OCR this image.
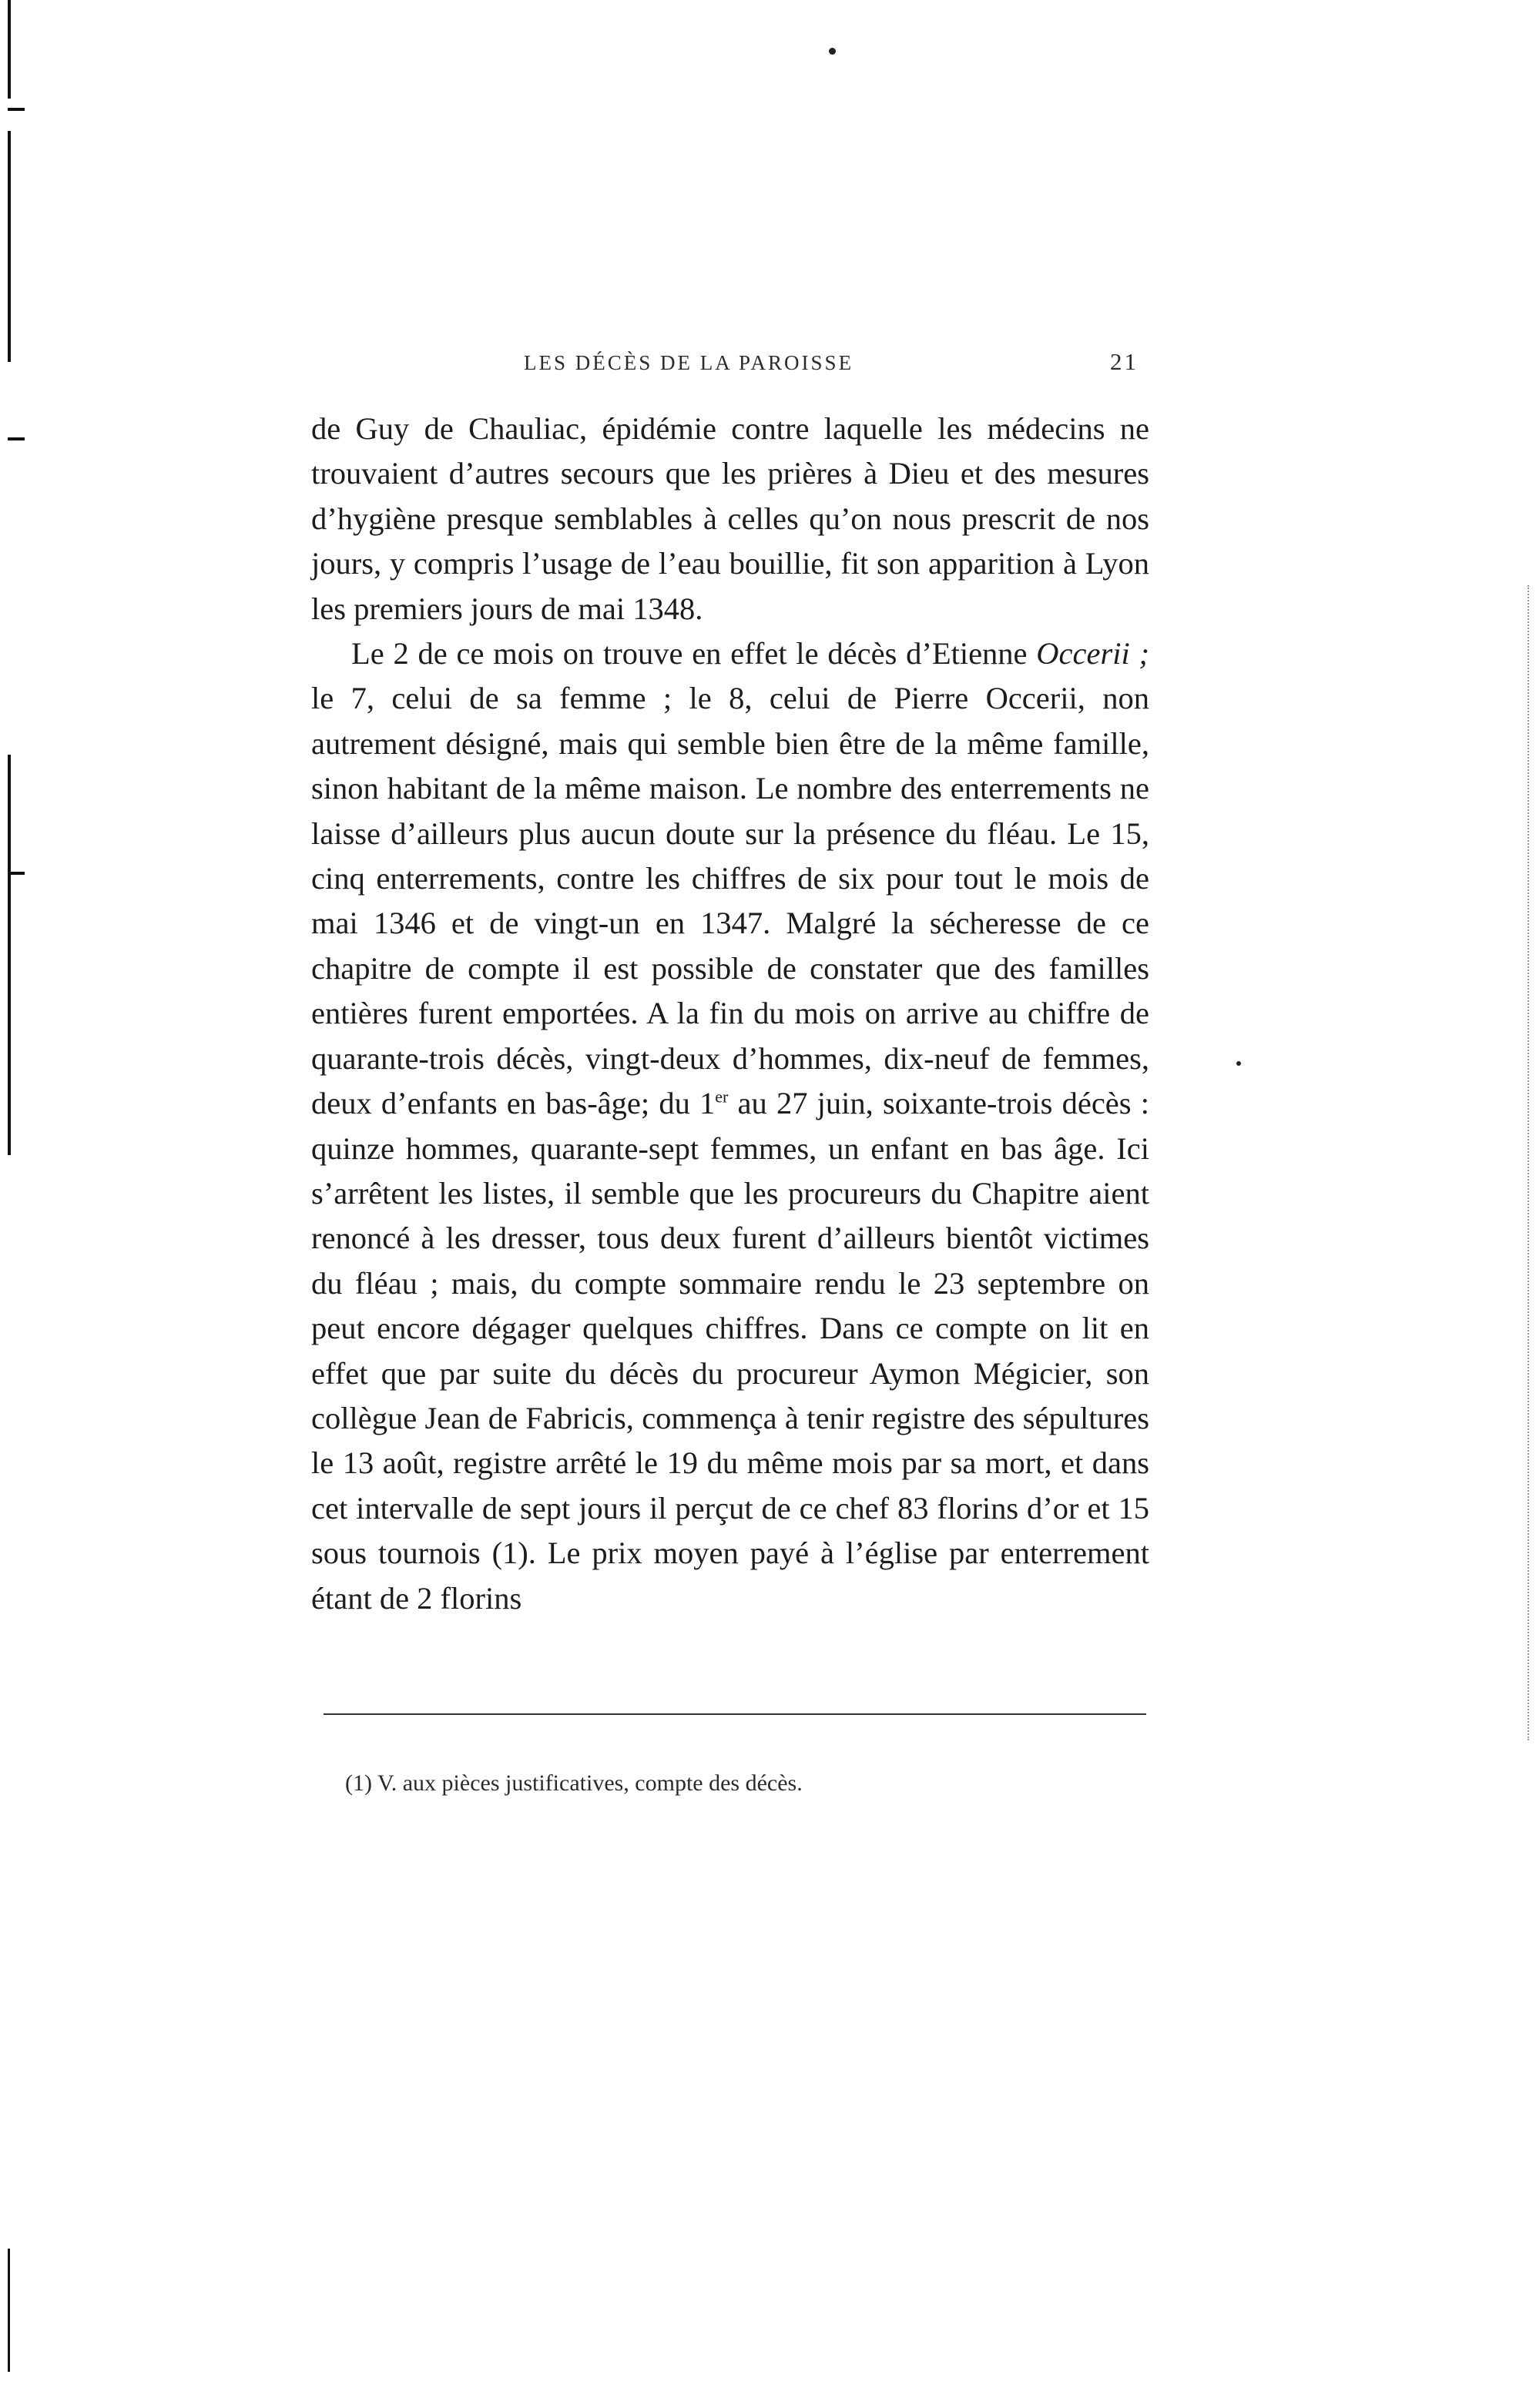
LES DÉCÈS DE LA PAROISSE	21

de Guy de Chauliac, épidémie contre laquelle les médecins ne trouvaient d’autres secours que les prières à Dieu et des mesures d’hygiène presque semblables à celles qu’on nous prescrit de nos jours, y compris l’usage de l’eau bouillie, fit son apparition à Lyon les premiers jours de mai 1348.

Le 2 de ce mois on trouve en effet le décès d’Etienne Occerii ; le 7, celui de sa femme ; le 8, celui de Pierre Occerii, non autrement désigné, mais qui semble bien être de la même famille, sinon habitant de la même maison. Le nombre des enterrements ne laisse d’ailleurs plus aucun doute sur la présence du fléau. Le 15, cinq enterrements, contre les chiffres de six pour tout le mois de mai 1346 et de vingt-un en 1347. Malgré la sécheresse de ce chapitre de compte il est possible de constater que des familles entières furent emportées. A la fin du mois on arrive au chiffre de quarante-trois décès, vingt-deux d’hommes, dix-neuf de femmes, deux d’enfants en bas-âge; du 1er au 27 juin, soixante-trois décès : quinze hommes, quarante-sept femmes, un enfant en bas âge. Ici s’arrêtent les listes, il semble que les procureurs du Chapitre aient renoncé à les dresser, tous deux furent d’ailleurs bientôt victimes du fléau ; mais, du compte sommaire rendu le 23 septembre on peut encore dégager quelques chiffres. Dans ce compte on lit en effet que par suite du décès du procureur Aymon Mégicier, son collègue Jean de Fabricis, commença à tenir registre des sépultures le 13 août, registre arrêté le 19 du même mois par sa mort, et dans cet intervalle de sept jours il perçut de ce chef 83 florins d’or et 15 sous tournois (1). Le prix moyen payé à l’église par enterrement étant de 2 florins

(1) V. aux pièces justificatives, compte des décès.
